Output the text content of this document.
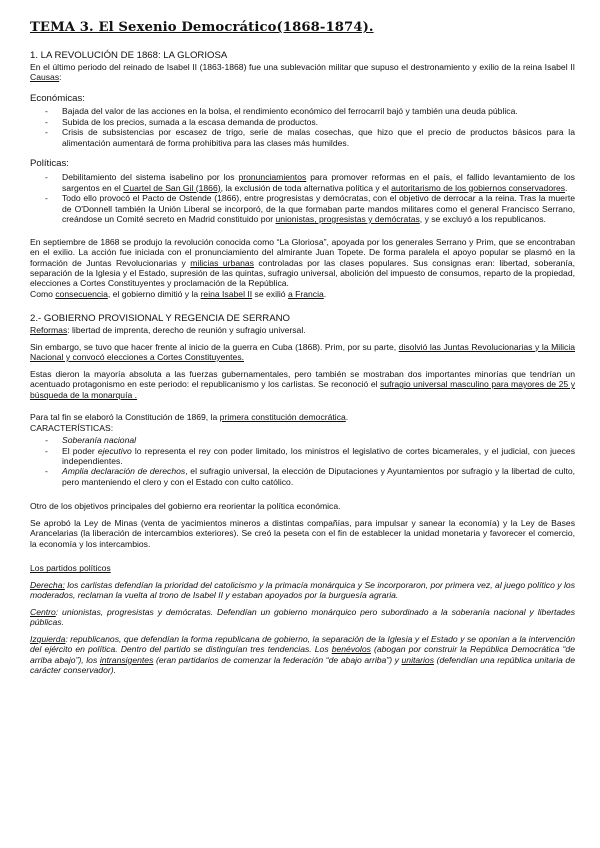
TEMA 3. El Sexenio Democrático(1868-1874).
1. LA REVOLUCIÓN DE 1868: LA GLORIOSA

En el último periodo del reinado de Isabel II (1863-1868) fue una sublevación militar que supuso el destronamiento y exilio de la reina Isabel II Causas:

Económicas:
- Bajada del valor de las acciones en la bolsa, el rendimiento económico del ferrocarril bajó y también una deuda pública.
- Subida de los precios, sumada a la escasa demanda de productos.
- Crisis de subsistencias por escasez de trigo, serie de malas cosechas, que hizo que el precio de productos básicos para la alimentación aumentará de forma prohibitiva para las clases más humildes.
Políticas:
- Debilitamiento del sistema isabelino por los pronunciamientos para promover reformas en el país, el fallido levantamiento de los sargentos en el Cuartel de San Gil (1866), la exclusión de toda alternativa política y el autoritarismo de los gobiernos conservadores.
- Todo ello provocó el Pacto de Ostende (1866), entre progresistas y demócratas, con el objetivo de derrocar a la reina. Tras la muerte de O'Donnell también la Unión Liberal se incorporó, de la que formaban parte mandos militares como el general Francisco Serrano, creándose un Comité secreto en Madrid constituido por unionistas, progresistas y demócratas, y se excluyó a los republicanos.

En septiembre de 1868 se produjo la revolución conocida como “La Gloriosa”, apoyada por los generales Serrano y Prim, que se encontraban en el exilio. La acción fue iniciada con el pronunciamiento del almirante Juan Topete. De forma paralela el apoyo popular se plasmó en la formación de Juntas Revolucionarias y milicias urbanas controladas por las clases populares. Sus consignas eran: libertad, soberanía, separación de la Iglesia y el Estado, supresión de las quintas, sufragio universal, abolición del impuesto de consumos, reparto de la propiedad, elecciones a Cortes Constituyentes y proclamación de la República.

Como consecuencia, el gobierno dimitió y la reina Isabel II se exilió a Francia.

2.- GOBIERNO PROVISIONAL Y REGENCIA DE SERRANO

Reformas: libertad de imprenta, derecho de reunión y sufragio universal.

Sin embargo, se tuvo que hacer frente al inicio de la guerra en Cuba (1868). Prim, por su parte, disolvió las Juntas Revolucionarias y la Milicia Nacional y convocó elecciones a Cortes Constituyentes.

Estas dieron la mayoría absoluta a las fuerzas gubernamentales, pero también se mostraban dos importantes minorías que tendrían un acentuado protagonismo en este periodo: el republicanismo y los carlistas. Se reconoció el sufragio universal masculino para mayores de 25 y búsqueda de la monarquía .

Para tal fin se elaboró la Constitución de 1869, la primera constitución democrática.

CARACTERÍSTICAS:
- Soberanía nacional
- El poder ejecutivo lo representa el rey con poder limitado, los ministros el legislativo de cortes bicamerales, y el judicial, con jueces independientes.
- Amplia declaración de derechos, el sufragio universal, la elección de Diputaciones y Ayuntamientos por sufragio y la libertad de culto, pero manteniendo el clero y con el Estado con culto católico.

Otro de los objetivos principales del gobierno era reorientar la política económica.

Se aprobó la Ley de Minas (venta de yacimientos mineros a distintas compañías, para impulsar y sanear la economía) y la Ley de Bases Arancelarias (la liberación de intercambios exteriores). Se creó la peseta con el fin de establecer la unidad monetaria y favorecer el comercio, la economía y los intercambios.

Los partidos políticos

Derecha: los carlistas defendían la prioridad del catolicismo y la primacía monárquica y Se incorporaron, por primera vez, al juego político y los moderados, reclaman la vuelta al trono de Isabel II y estaban apoyados por la burguesía agraria.

Centro: unionistas, progresistas y demócratas. Defendían un gobierno monárquico pero subordinado a la soberanía nacional y libertades públicas.

Izquierda: republicanos, que defendían la forma republicana de gobierno, la separación de la Iglesia y el Estado y se oponían a la intervención del ejército en política. Dentro del partido se distinguían tres tendencias. Los benévolos (abogan por construir la República Democrática “de arriba abajo”), los intransigentes (eran partidarios de comenzar la federación “de abajo arriba”) y unitarios (defendían una república unitaria de carácter conservador).
